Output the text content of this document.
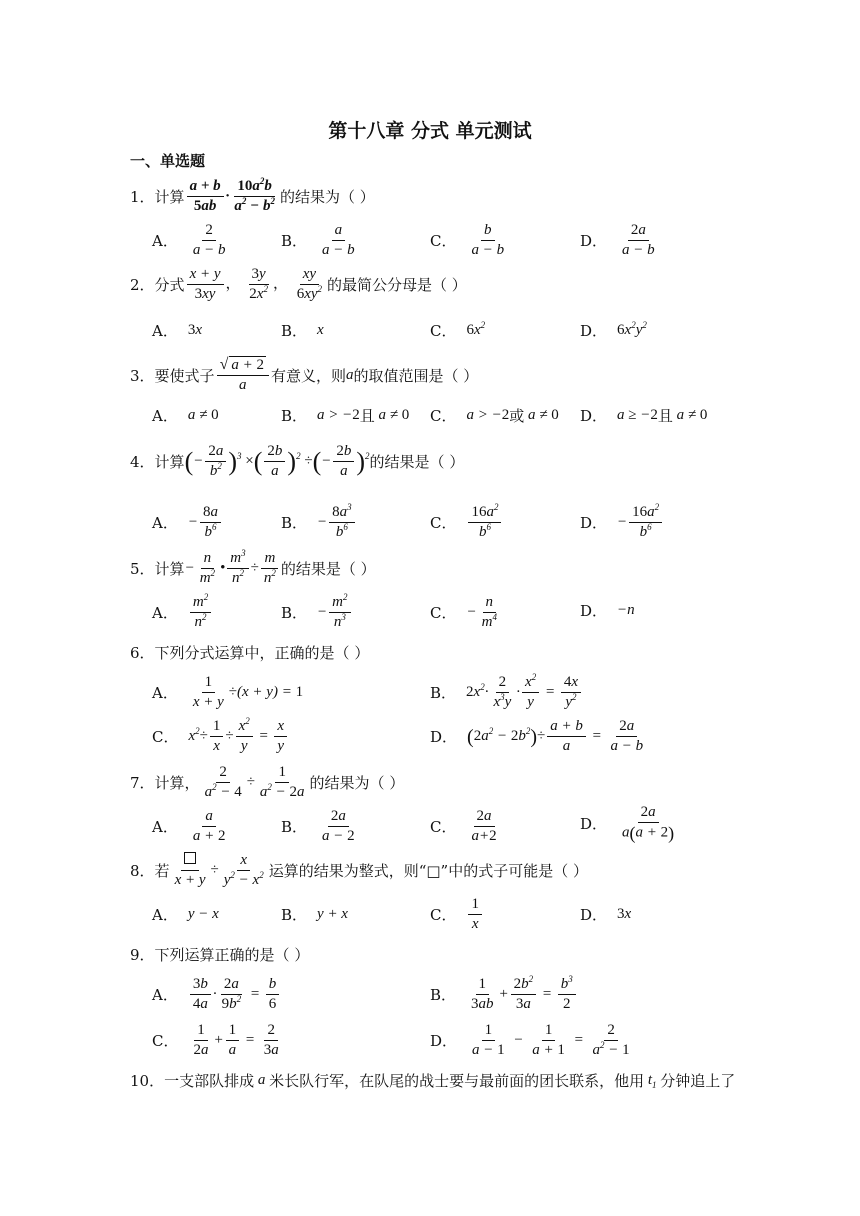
第十八章 分式 单元测试
一、单选题
1． 计算 $\frac{a + b}{5ab} \cdot \frac{10a^2b}{a^2 - b^2}$ 的结果为（ ）
A． $\frac{2}{a - b}$	B． $\frac{a}{a - b}$	C． $\frac{b}{a - b}$	D． $\frac{2a}{a - b}$
2． 分式 $\frac{x + y}{3xy}$ ， $\frac{3y}{2x^2}$ ， $\frac{xy}{6xy^2}$ 的最简公分母是（ ）
A． 3x	B． x	C． $6x^2$	D． $6x^2y^2$
3． 要使式子 $\frac{√ a + 2}{a}$ 有意义，则 a 的取值范围是（ ）
A． a ≠ 0	B． a > −2 且 a ≠ 0 C． a > −2 或 a ≠ 0 D． a ≥ −2 且 a ≠ 0
4． 计算 (− $\frac{2a}{b^2} )^3$ ×( $\frac{2b}{a} )^2$ ÷(− $\frac{2b}{a} )^2$ 的结果是（ ）
A． − $\frac{8a}{b^6}$	B． − $\frac{8a^3}{b^6}$	C． $\frac{16a^2}{b^6}$	D． − $\frac{16a^2}{b^6}$
5． 计算 − $\frac{n}{m^2}$ • $\frac{m^3}{n^2} \div \frac{m}{n^2}$ 的结果是（ ）
A． $\frac{m^2}{n^2}$	B． − $\frac{m^2}{n^3}$	C． − $\frac{n}{m^4}$	D． −n
6． 下列分式运算中，正确的是（ ）
A． $\frac{1}{x + y} \div(x + y) = 1$	B． $2x^2\cdot \frac{2}{x^3y} \cdot \frac{x^2}{y} = \frac{4x}{y^2}$
C． $x^2\div \frac{1}{x} \div \frac{x^2}{y} = \frac{x}{y}$	D． $(2a^2 - 2b^2)\div \frac{a + b}{a} = \frac{2a}{a - b}$
7． 计算， $\frac{2}{a^2 - 4} \div \frac{1}{a^2 - 2a}$ 的结果为（ ）
A． $\frac{a}{a + 2}$	B． $\frac{2a}{a - 2}$	C． $\frac{2a}{a+2}$	D． $\frac{2a}{a(a + 2)}$
8． 若 x + y
÷ $\frac{x}{y^2 - x^2}$ 运算的结果为整式，则“□”中的式子可能是（ ）
A． y − x	B． y + x	C． $\frac{1}{x}$	D． 3x
9． 下列运算正确的是（ ）
A． $\frac{3b}{4a} \cdot \frac{2a}{9b^2} = \frac{b}{6}$	B． $\frac{1}{3ab} + \frac{2b^2}{3a} = \frac{b^3}{2}$
C． $\frac{1}{2a} + \frac{1}{a} = \frac{2}{3a}$	D． $\frac{1}{a - 1} - \frac{1}{a + 1} = \frac{2}{a^2 - 1}$
10． 一支部队排成 a 米长队行军，在队尾的战士要与最前面的团长联系，他用 $t_1$ 分钟追上了
